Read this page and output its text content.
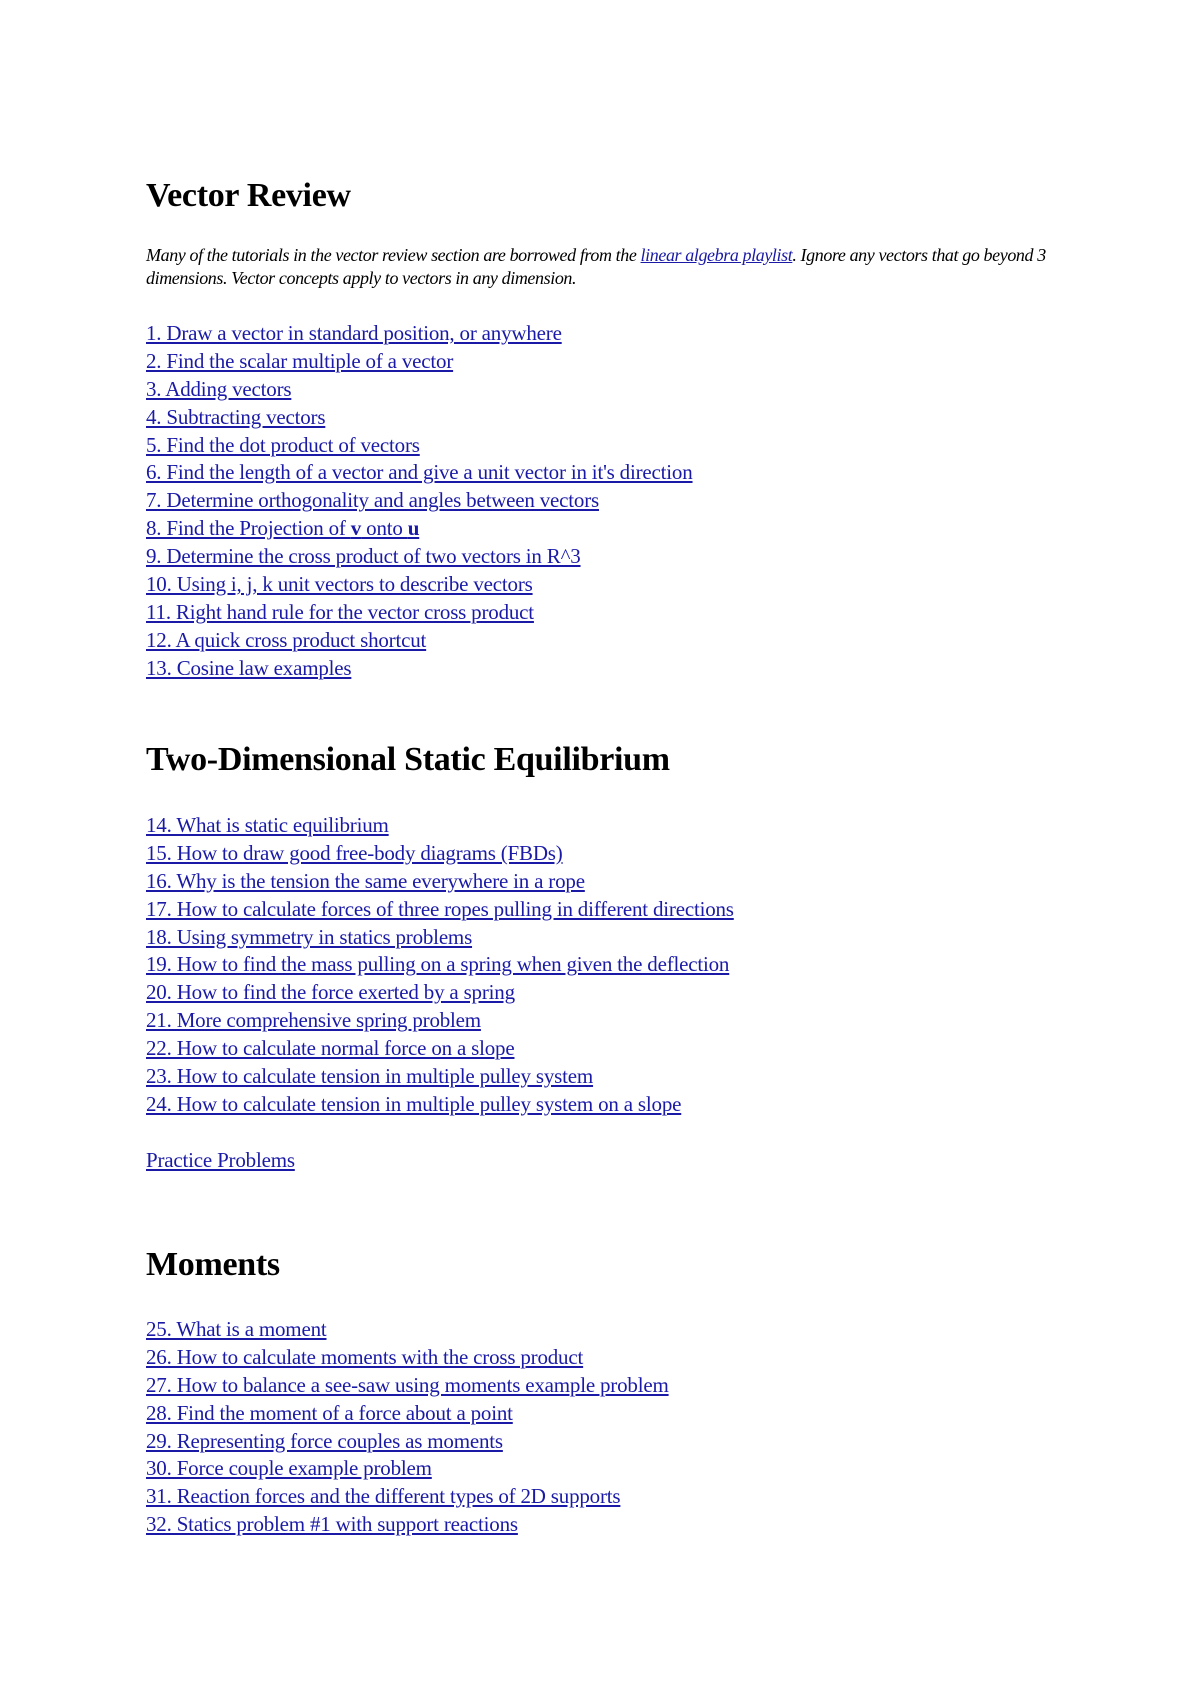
Vector Review

Many of the tutorials in the vector review section are borrowed from the linear algebra playlist. Ignore any vectors that go beyond 3 dimensions. Vector concepts apply to vectors in any dimension.

1. Draw a vector in standard position, or anywhere
2. Find the scalar multiple of a vector
3. Adding vectors
4. Subtracting vectors
5. Find the dot product of vectors
6. Find the length of a vector and give a unit vector in it's direction
7. Determine orthogonality and angles between vectors
8. Find the Projection of v onto u
9. Determine the cross product of two vectors in R^3
10. Using i, j, k unit vectors to describe vectors
11. Right hand rule for the vector cross product
12. A quick cross product shortcut
13. Cosine law examples
Two-Dimensional Static Equilibrium
14. What is static equilibrium
15. How to draw good free-body diagrams (FBDs)
16. Why is the tension the same everywhere in a rope
17. How to calculate forces of three ropes pulling in different directions
18. Using symmetry in statics problems
19. How to find the mass pulling on a spring when given the deflection
20. How to find the force exerted by a spring
21. More comprehensive spring problem
22. How to calculate normal force on a slope
23. How to calculate tension in multiple pulley system
24. How to calculate tension in multiple pulley system on a slope
Practice Problems
Moments
25. What is a moment
26. How to calculate moments with the cross product
27. How to balance a see-saw using moments example problem
28. Find the moment of a force about a point
29. Representing force couples as moments
30. Force couple example problem
31. Reaction forces and the different types of 2D supports
32. Statics problem #1 with support reactions
